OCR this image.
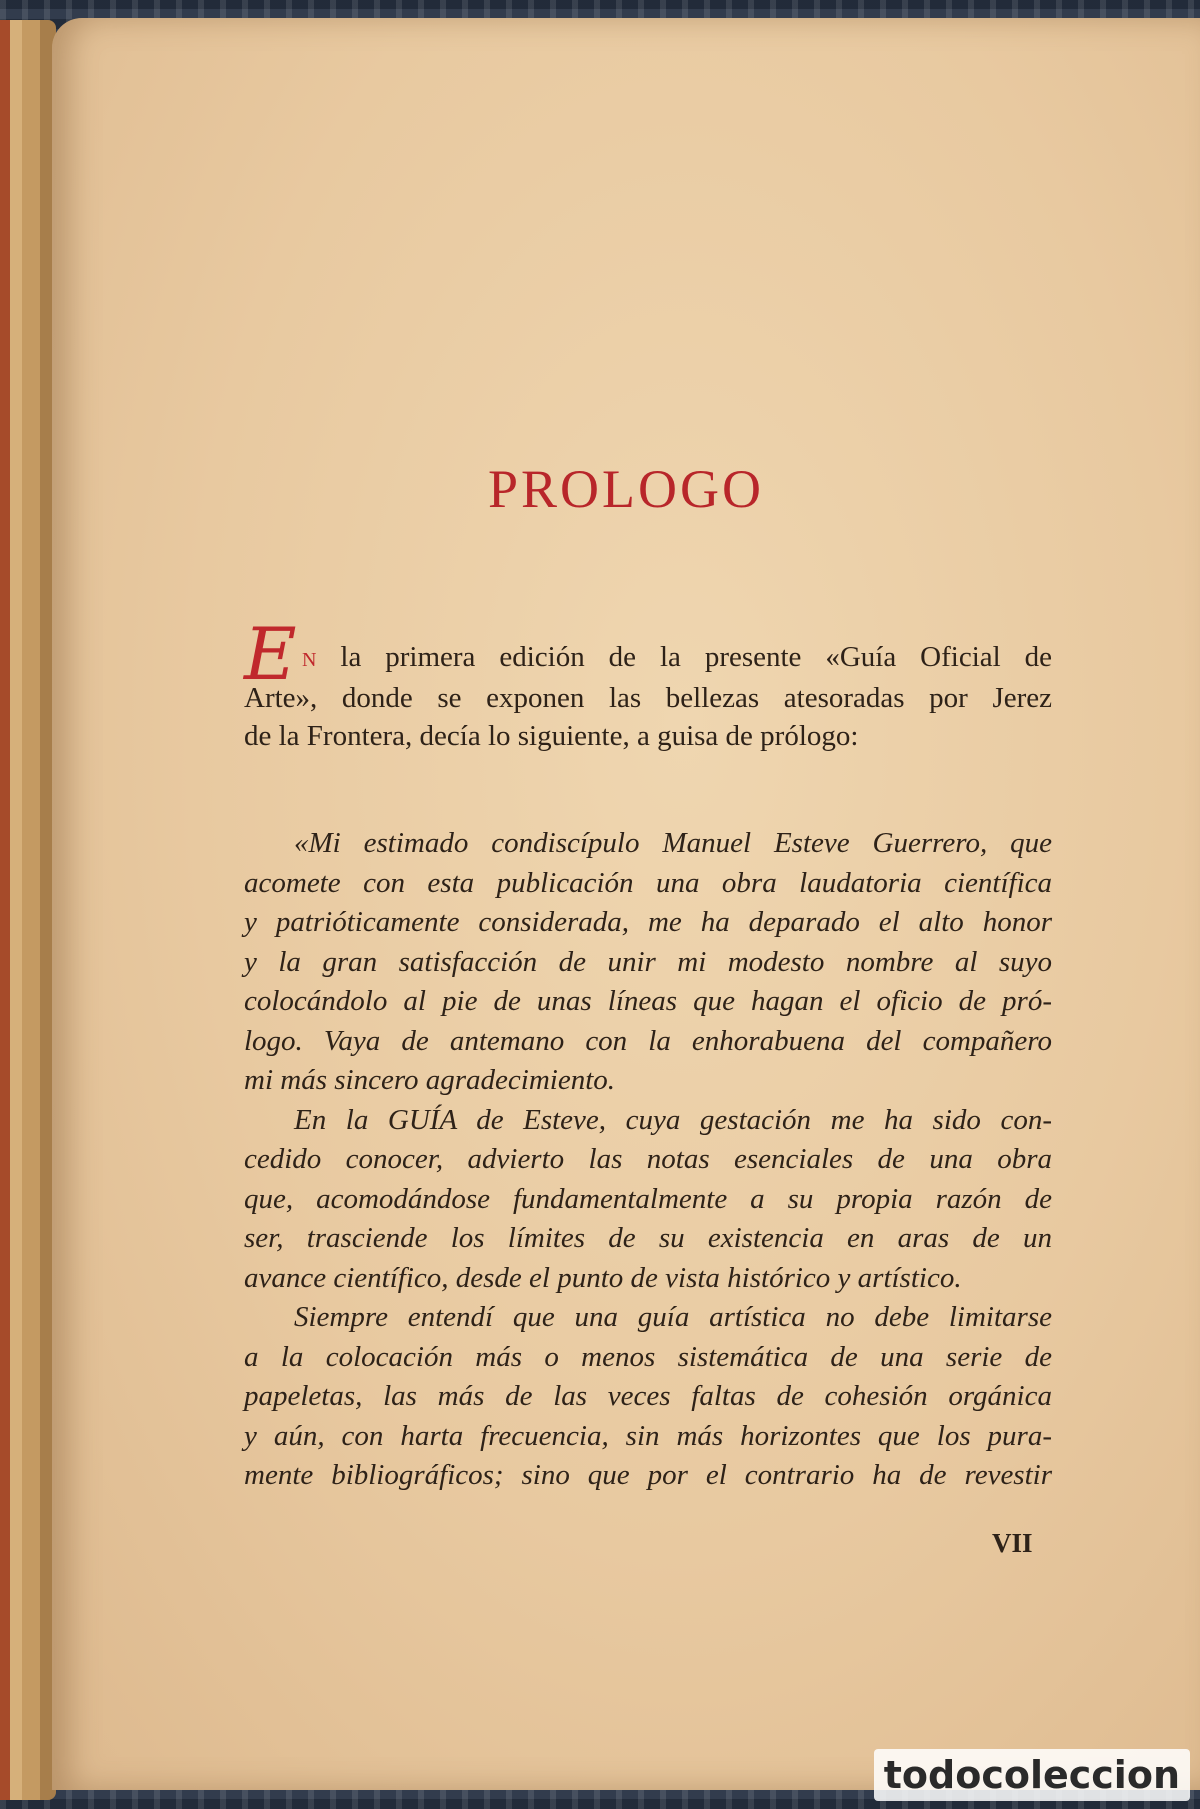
PROLOGO
E N la primera edición de la presente «Guía Oficial de
Arte», donde se exponen las bellezas atesoradas por Jerez
de la Frontera, decía lo siguiente, a guisa de prólogo:
«Mi estimado condiscípulo Manuel Esteve Guerrero, que
acomete con esta publicación una obra laudatoria científica
y patrióticamente considerada, me ha deparado el alto honor
y la gran satisfacción de unir mi modesto nombre al suyo
colocándolo al pie de unas líneas que hagan el oficio de pró-
logo. Vaya de antemano con la enhorabuena del compañero
mi más sincero agradecimiento.
En la GUÍA de Esteve, cuya gestación me ha sido con-
cedido conocer, advierto las notas esenciales de una obra
que, acomodándose fundamentalmente a su propia razón de
ser, trasciende los límites de su existencia en aras de un
avance científico, desde el punto de vista histórico y artístico.
Siempre entendí que una guía artística no debe limitarse
a la colocación más o menos sistemática de una serie de
papeletas, las más de las veces faltas de cohesión orgánica
y aún, con harta frecuencia, sin más horizontes que los pura-
mente bibliográficos; sino que por el contrario ha de revestir
VII
todocoleccion
